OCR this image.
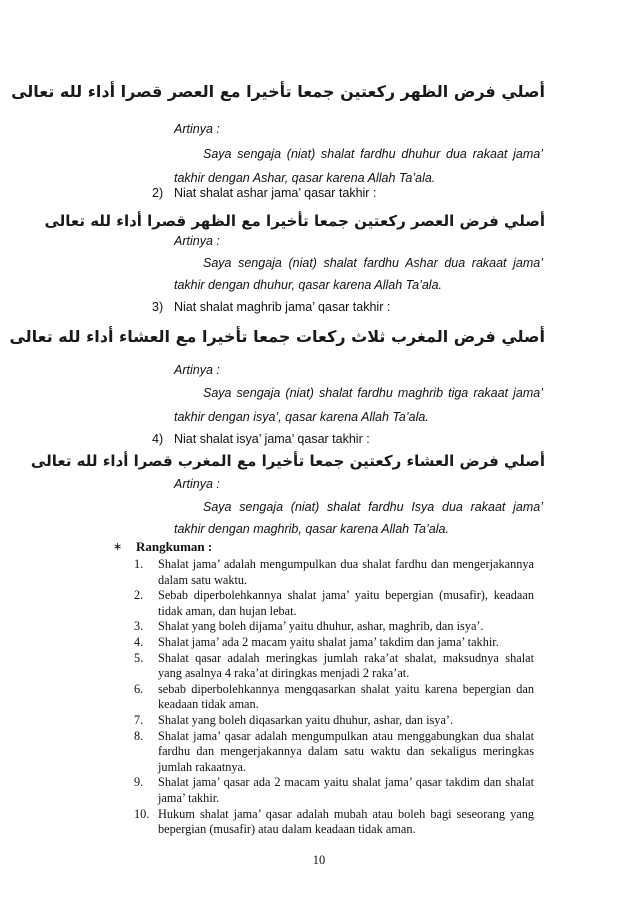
أصلي فرض الظهر ركعتين جمعا تأخيرا مع العصر قصرا أداء لله تعالى
Artinya :
Saya sengaja (niat) shalat fardhu dhuhur dua rakaat jama’
takhir dengan Ashar, qasar karena Allah Ta’ala.
2) Niat shalat ashar jama’ qasar takhir :
أصلي فرض العصر ركعتين جمعا تأخيرا مع الظهر قصرا أداء لله تعالى
Artinya :
Saya sengaja (niat) shalat fardhu Ashar dua rakaat jama’
takhir dengan dhuhur, qasar karena Allah Ta’ala.
3) Niat shalat maghrib jama’ qasar takhir :
أصلي فرض المغرب ثلاث ركعات جمعا تأخيرا مع العشاء أداء لله تعالى
Artinya :
Saya sengaja (niat) shalat fardhu maghrib tiga rakaat jama’
takhir dengan isya’, qasar karena Allah Ta’ala.
4) Niat shalat isya’ jama’ qasar takhir :
أصلي فرض العشاء ركعتين جمعا تأخيرا مع المغرب قصرا أداء لله تعالى
Artinya :
Saya sengaja (niat) shalat fardhu Isya dua rakaat jama’
takhir dengan maghrib, qasar karena Allah Ta’ala.
∗ Rangkuman :
1. Shalat jama’ adalah mengumpulkan dua shalat fardhu dan mengerjakannya dalam satu waktu.
2. Sebab diperbolehkannya shalat jama’ yaitu bepergian (musafir), keadaan tidak aman, dan hujan lebat.
3. Shalat yang boleh dijama’ yaitu dhuhur, ashar, maghrib, dan isya’.
4. Shalat jama’ ada 2 macam yaitu shalat jama’ takdim dan jama’ takhir.
5. Shalat qasar adalah meringkas jumlah raka’at shalat, maksudnya shalat yang asalnya 4 raka’at diringkas menjadi 2 raka’at.
6. sebab diperbolehkannya mengqasarkan shalat yaitu karena bepergian dan keadaan tidak aman.
7. Shalat yang boleh diqasarkan yaitu dhuhur, ashar, dan isya’.
8. Shalat jama’ qasar adalah mengumpulkan atau menggabungkan dua shalat fardhu dan mengerjakannya dalam satu waktu dan sekaligus meringkas jumlah rakaatnya.
9. Shalat jama’ qasar ada 2 macam yaitu shalat jama’ qasar takdim dan shalat jama’ takhir.
10. Hukum shalat jama’ qasar adalah mubah atau boleh bagi seseorang yang bepergian (musafir) atau dalam keadaan tidak aman.
10
